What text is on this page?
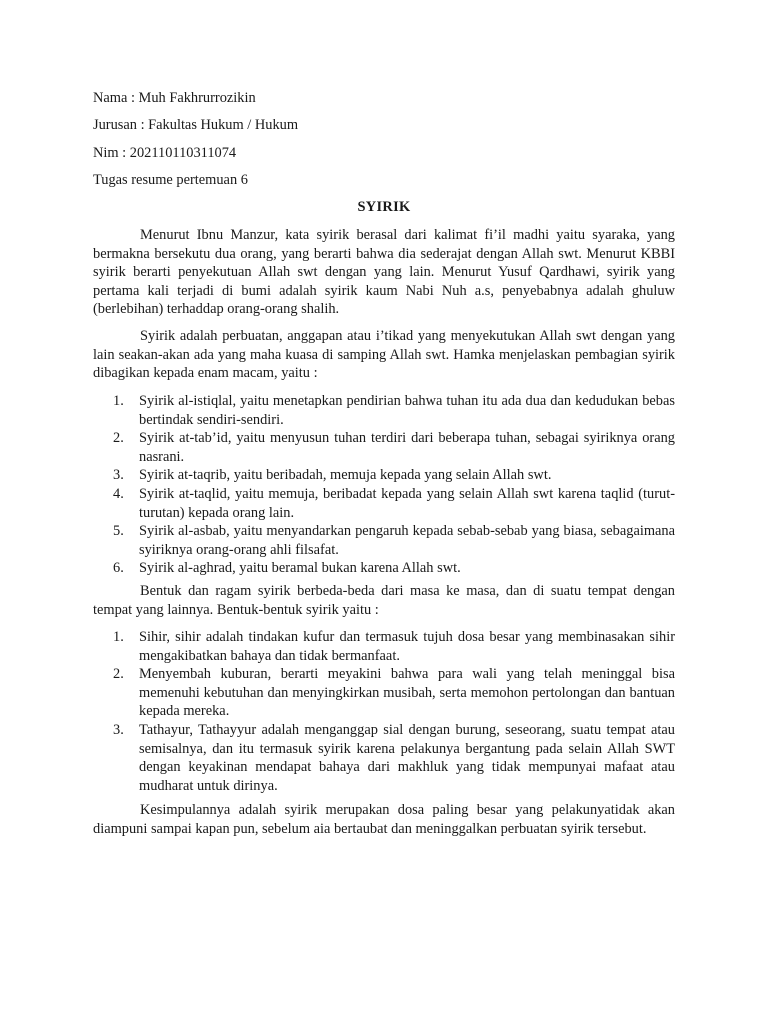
Nama : Muh Fakhrurrozikin

Jurusan : Fakultas Hukum / Hukum

Nim : 202110110311074

Tugas resume pertemuan 6

SYIRIK

Menurut Ibnu Manzur, kata syirik berasal dari kalimat fi’il madhi yaitu syaraka, yang bermakna bersekutu dua orang, yang berarti bahwa dia sederajat dengan Allah swt. Menurut KBBI syirik berarti penyekutuan Allah swt dengan yang lain. Menurut Yusuf Qardhawi, syirik yang pertama kali terjadi di bumi adalah syirik kaum Nabi Nuh a.s, penyebabnya adalah ghuluw (berlebihan) terhaddap orang-orang shalih.

Syirik adalah perbuatan, anggapan atau i’tikad yang menyekutukan Allah swt dengan yang lain seakan-akan ada yang maha kuasa di samping Allah swt. Hamka menjelaskan pembagian syirik dibagikan kepada enam macam, yaitu :

1. Syirik al-istiqlal, yaitu menetapkan pendirian bahwa tuhan itu ada dua dan kedudukan bebas bertindak sendiri-sendiri.
2. Syirik at-tab’id, yaitu menyusun tuhan terdiri dari beberapa tuhan, sebagai syiriknya orang nasrani.
3. Syirik at-taqrib, yaitu beribadah, memuja kepada yang selain Allah swt.
4. Syirik at-taqlid, yaitu memuja, beribadat kepada yang selain Allah swt karena taqlid (turut-turutan) kepada orang lain.
5. Syirik al-asbab, yaitu menyandarkan pengaruh kepada sebab-sebab yang biasa, sebagaimana syiriknya orang-orang ahli filsafat.
6. Syirik al-aghrad, yaitu beramal bukan karena Allah swt.

Bentuk dan ragam syirik berbeda-beda dari masa ke masa, dan di suatu tempat dengan tempat yang lainnya. Bentuk-bentuk syirik yaitu :

1. Sihir, sihir adalah tindakan kufur dan termasuk tujuh dosa besar yang membinasakan sihir mengakibatkan bahaya dan tidak bermanfaat.
2. Menyembah kuburan, berarti meyakini bahwa para wali yang telah meninggal bisa memenuhi kebutuhan dan menyingkirkan musibah, serta memohon pertolongan dan bantuan kepada mereka.
3. Tathayur, Tathayyur adalah menganggap sial dengan burung, seseorang, suatu tempat atau semisalnya, dan itu termasuk syirik karena pelakunya bergantung pada selain Allah SWT dengan keyakinan mendapat bahaya dari makhluk yang tidak mempunyai mafaat atau mudharat untuk dirinya.

Kesimpulannya adalah syirik merupakan dosa paling besar yang pelakunyatidak akan diampuni sampai kapan pun, sebelum aia bertaubat dan meninggalkan perbuatan syirik tersebut.
